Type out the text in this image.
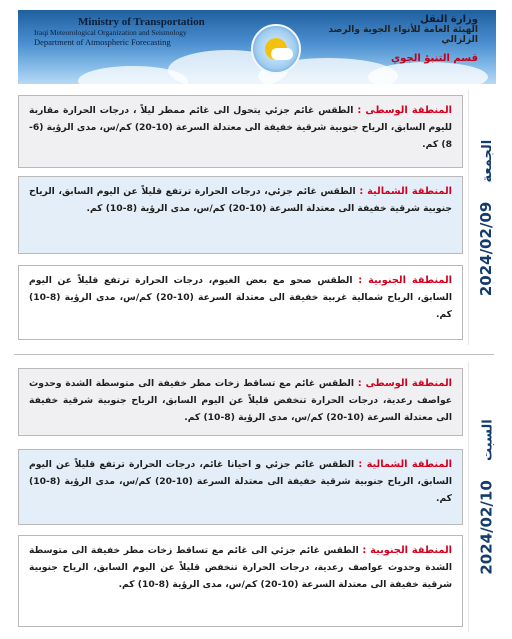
Ministry of Transportation
Iraqi Meteorological Organization and Seismology
Department of Atmospheric Forecasting
وزارة النقل
الهيئة العامة للأنواء الجوية والرصد الزلزالي
قسم التنبؤ الجوي
2024/02/09 الجمعة
المنطقة الوسطى : الطقس غائم جزئي يتحول الى غائم ممطر ليلاً ، درجات الحرارة مقاربة لليوم السابق، الرياح جنوبية شرقية خفيفة الى معتدلة السرعة (10-20) كم/س، مدى الرؤية (6-8) كم.
المنطقة الشمالية : الطقس غائم جزئي، درجات الحرارة ترتفع قليلاً عن اليوم السابق، الرياح جنوبية شرقية خفيفة الى معتدلة السرعة (10-20) كم/س، مدى الرؤية (8-10) كم.
المنطقة الجنوبية : الطقس صحو مع بعض الغيوم، درجات الحرارة ترتفع قليلاً عن اليوم السابق، الرياح شمالية غربية خفيفة الى معتدلة السرعة (10-20) كم/س، مدى الرؤية (8-10) كم.
2024/02/10 السبت
المنطقة الوسطى : الطقس غائم مع تساقط زخات مطر خفيفة الى متوسطة الشدة وحدوث عواصف رعدية، درجات الحرارة تنخفض قليلاً عن اليوم السابق، الرياح جنوبية شرقية خفيفة الى معتدلة السرعة (10-20) كم/س، مدى الرؤية (8-10) كم.
المنطقة الشمالية : الطقس غائم جزئي و احيانا غائم، درجات الحرارة ترتفع قليلاً عن اليوم السابق، الرياح جنوبية شرقية خفيفة الى معتدلة السرعة (10-20) كم/س، مدى الرؤية (8-10) كم.
المنطقة الجنوبية : الطقس غائم جزئي الى غائم مع تساقط زخات مطر خفيفة الى متوسطة الشدة وحدوث عواصف رعدية، درجات الحرارة تنخفض قليلاً عن اليوم السابق، الرياح جنوبية شرقية خفيفة الى معتدلة السرعة (10-20) كم/س، مدى الرؤية (8-10) كم.
